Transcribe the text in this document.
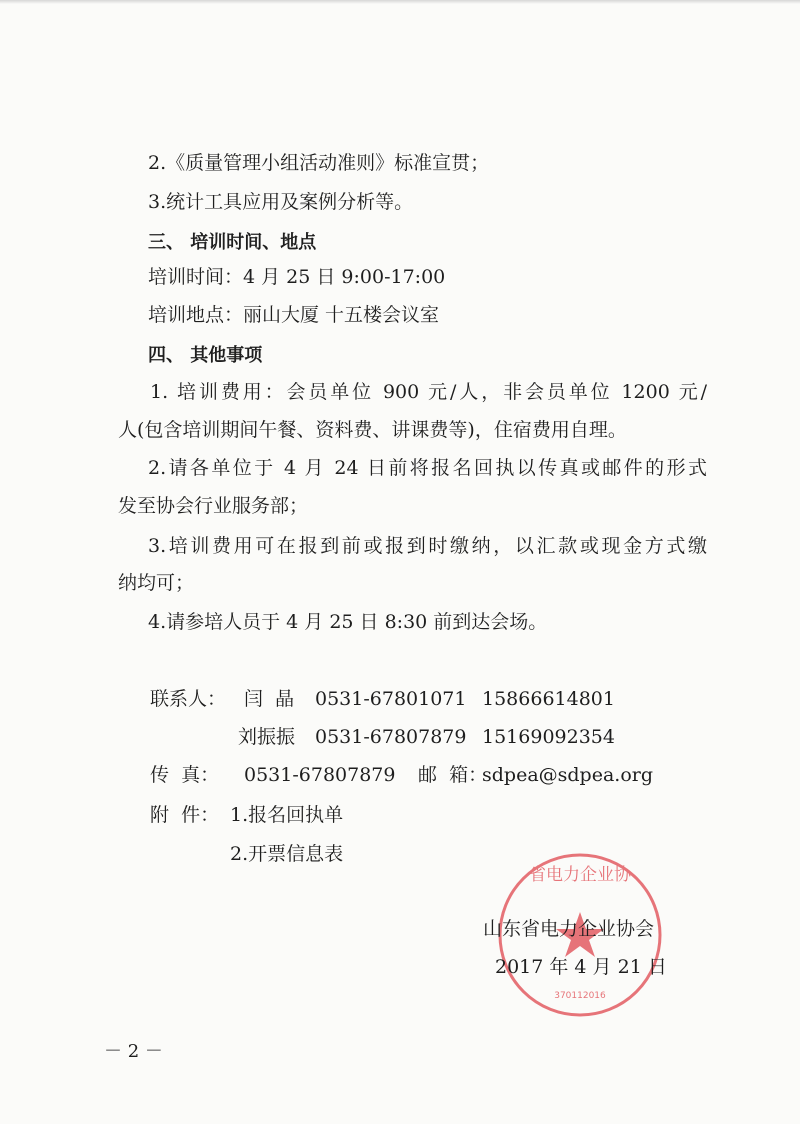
2.《质量管理小组活动准则》标准宣贯；
3.统计工具应用及案例分析等。
三、 培训时间、地点
培训时间：4 月 25 日 9:00-17:00
培训地点：丽山大厦 十五楼会议室
四、 其他事项
1. 培训费用：会员单位 900 元/人，非会员单位 1200 元/
人(包含培训期间午餐、资料费、讲课费等)，住宿费用自理。
2.请各单位于 4 月 24 日前将报名回执以传真或邮件的形式
发至协会行业服务部；
3.培训费用可在报到前或报到时缴纳，以汇款或现金方式缴
纳均可；
4.请参培人员于 4 月 25 日 8:30 前到达会场。
联系人： 闫  晶 0531-67801071 15866614801
刘振振 0531-67807879 15169092354
传  真： 0531-67807879 邮  箱：
sdpea@sdpea.org
附  件： 1.报名回执单
2.开票信息表
省电力企业协
370112016
山东省电力企业协会
2017 年 4 月 21 日
－ 2 －
